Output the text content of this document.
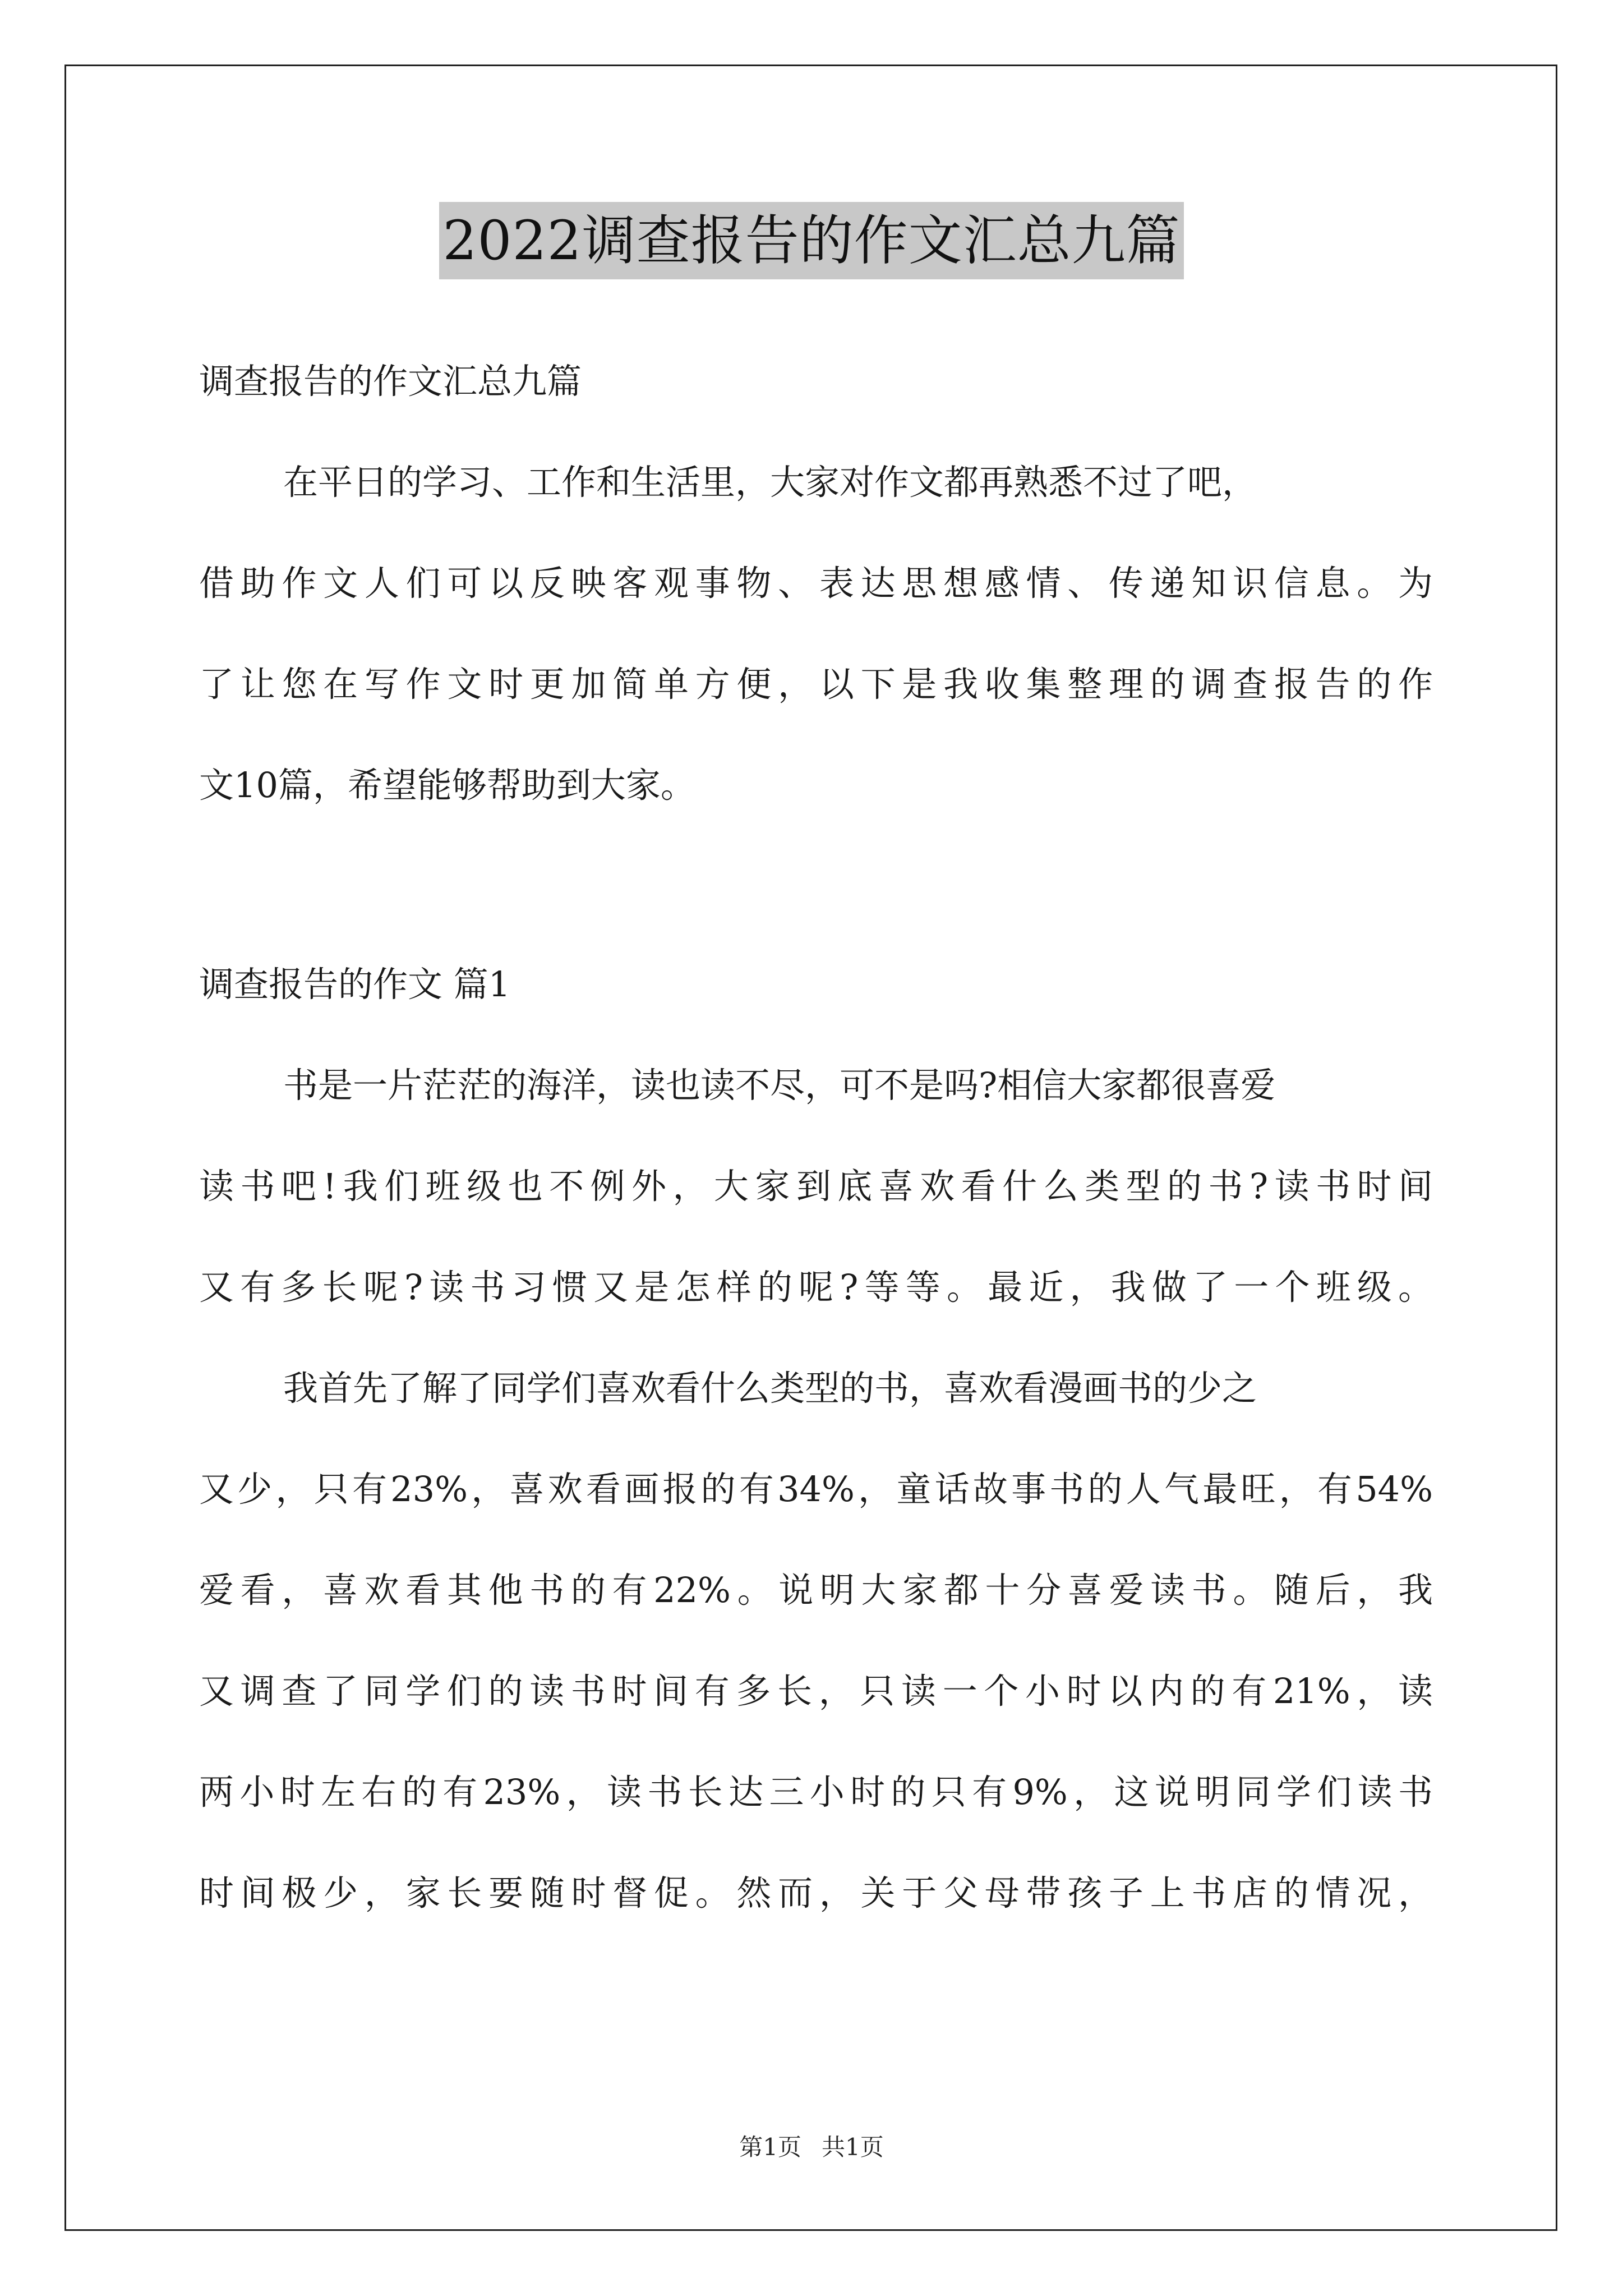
2022调查报告的作文汇总九篇
调查报告的作文汇总九篇
在平日的学习、工作和生活里，大家对作文都再熟悉不过了吧，
借助作文人们可以反映客观事物、表达思想感情、传递知识信息。为
了让您在写作文时更加简单方便，以下是我收集整理的调查报告的作
文10篇，希望能够帮助到大家。
调查报告的作文 篇1
书是一片茫茫的海洋，读也读不尽，可不是吗?相信大家都很喜爱
读书吧!我们班级也不例外，大家到底喜欢看什么类型的书?读书时间
又有多长呢?读书习惯又是怎样的呢?等等。最近，我做了一个班级。
我首先了解了同学们喜欢看什么类型的书，喜欢看漫画书的少之
又少，只有23%，喜欢看画报的有34%，童话故事书的人气最旺，有54%
爱看，喜欢看其他书的有22%。说明大家都十分喜爱读书。随后，我
又调查了同学们的读书时间有多长，只读一个小时以内的有21%，读
两小时左右的有23%，读书长达三小时的只有9%，这说明同学们读书
时间极少，家长要随时督促。然而，关于父母带孩子上书店的情况，
第1页 共1页
